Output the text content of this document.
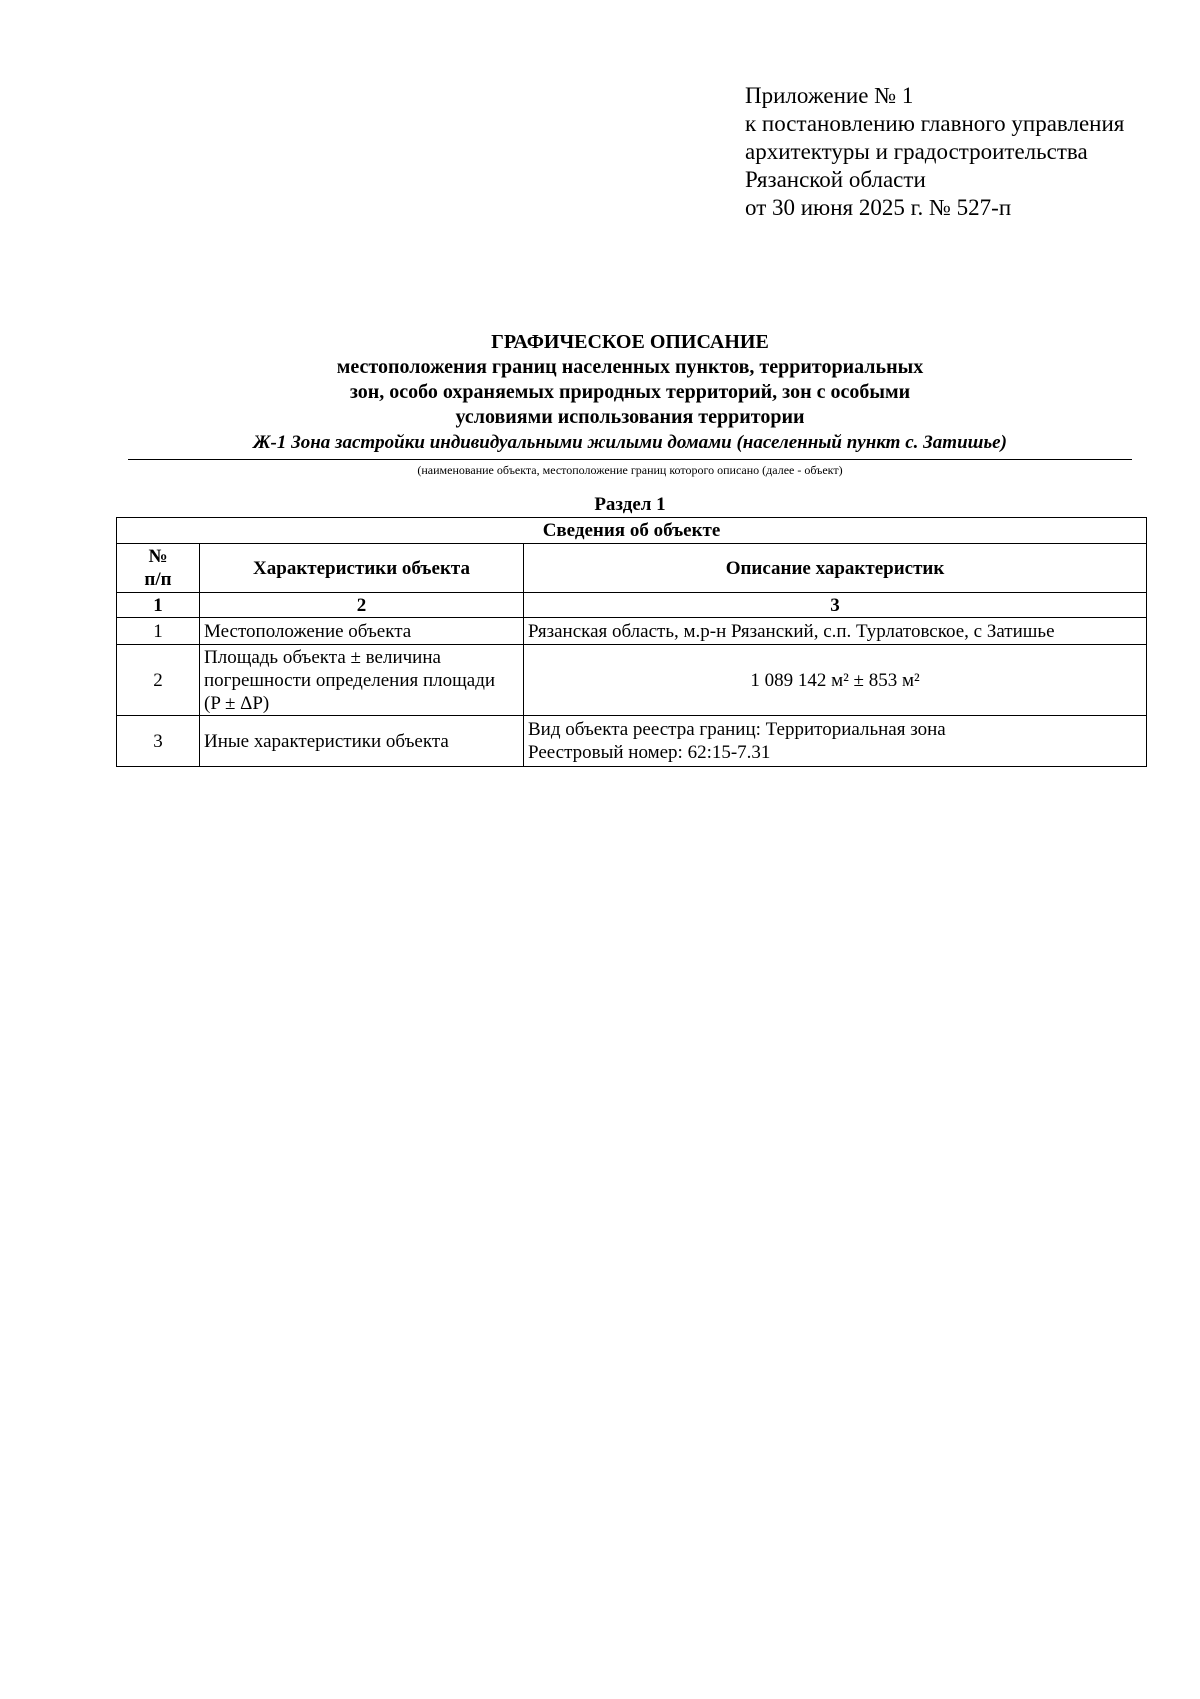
Приложение № 1
к постановлению главного управления
архитектуры и градостроительства
Рязанской области
от 30 июня 2025 г. № 527-п
ГРАФИЧЕСКОЕ ОПИСАНИЕ
местоположения границ населенных пунктов, территориальных
зон, особо охраняемых природных территорий, зон с особыми
условиями использования территории
Ж-1 Зона застройки индивидуальными жилыми домами (населенный пункт с. Затишье)
(наименование объекта, местоположение границ которого описано (далее - объект)
Раздел 1
Сведения об объекте		

№
п/п	Характеристики объекта	Описание характеристик
1	2	3
1	Местоположение объекта	Рязанская область, м.р-н Рязанский, с.п. Турлатовское, с Затишье

2	Площадь объекта ± величина
погрешности определения площади
(P ± ΔP)	1 089 142 м² ± 853 м²

3	Иные характеристики объекта	Вид объекта реестра границ: Территориальная зона
Реестровый номер: 62:15-7.31
